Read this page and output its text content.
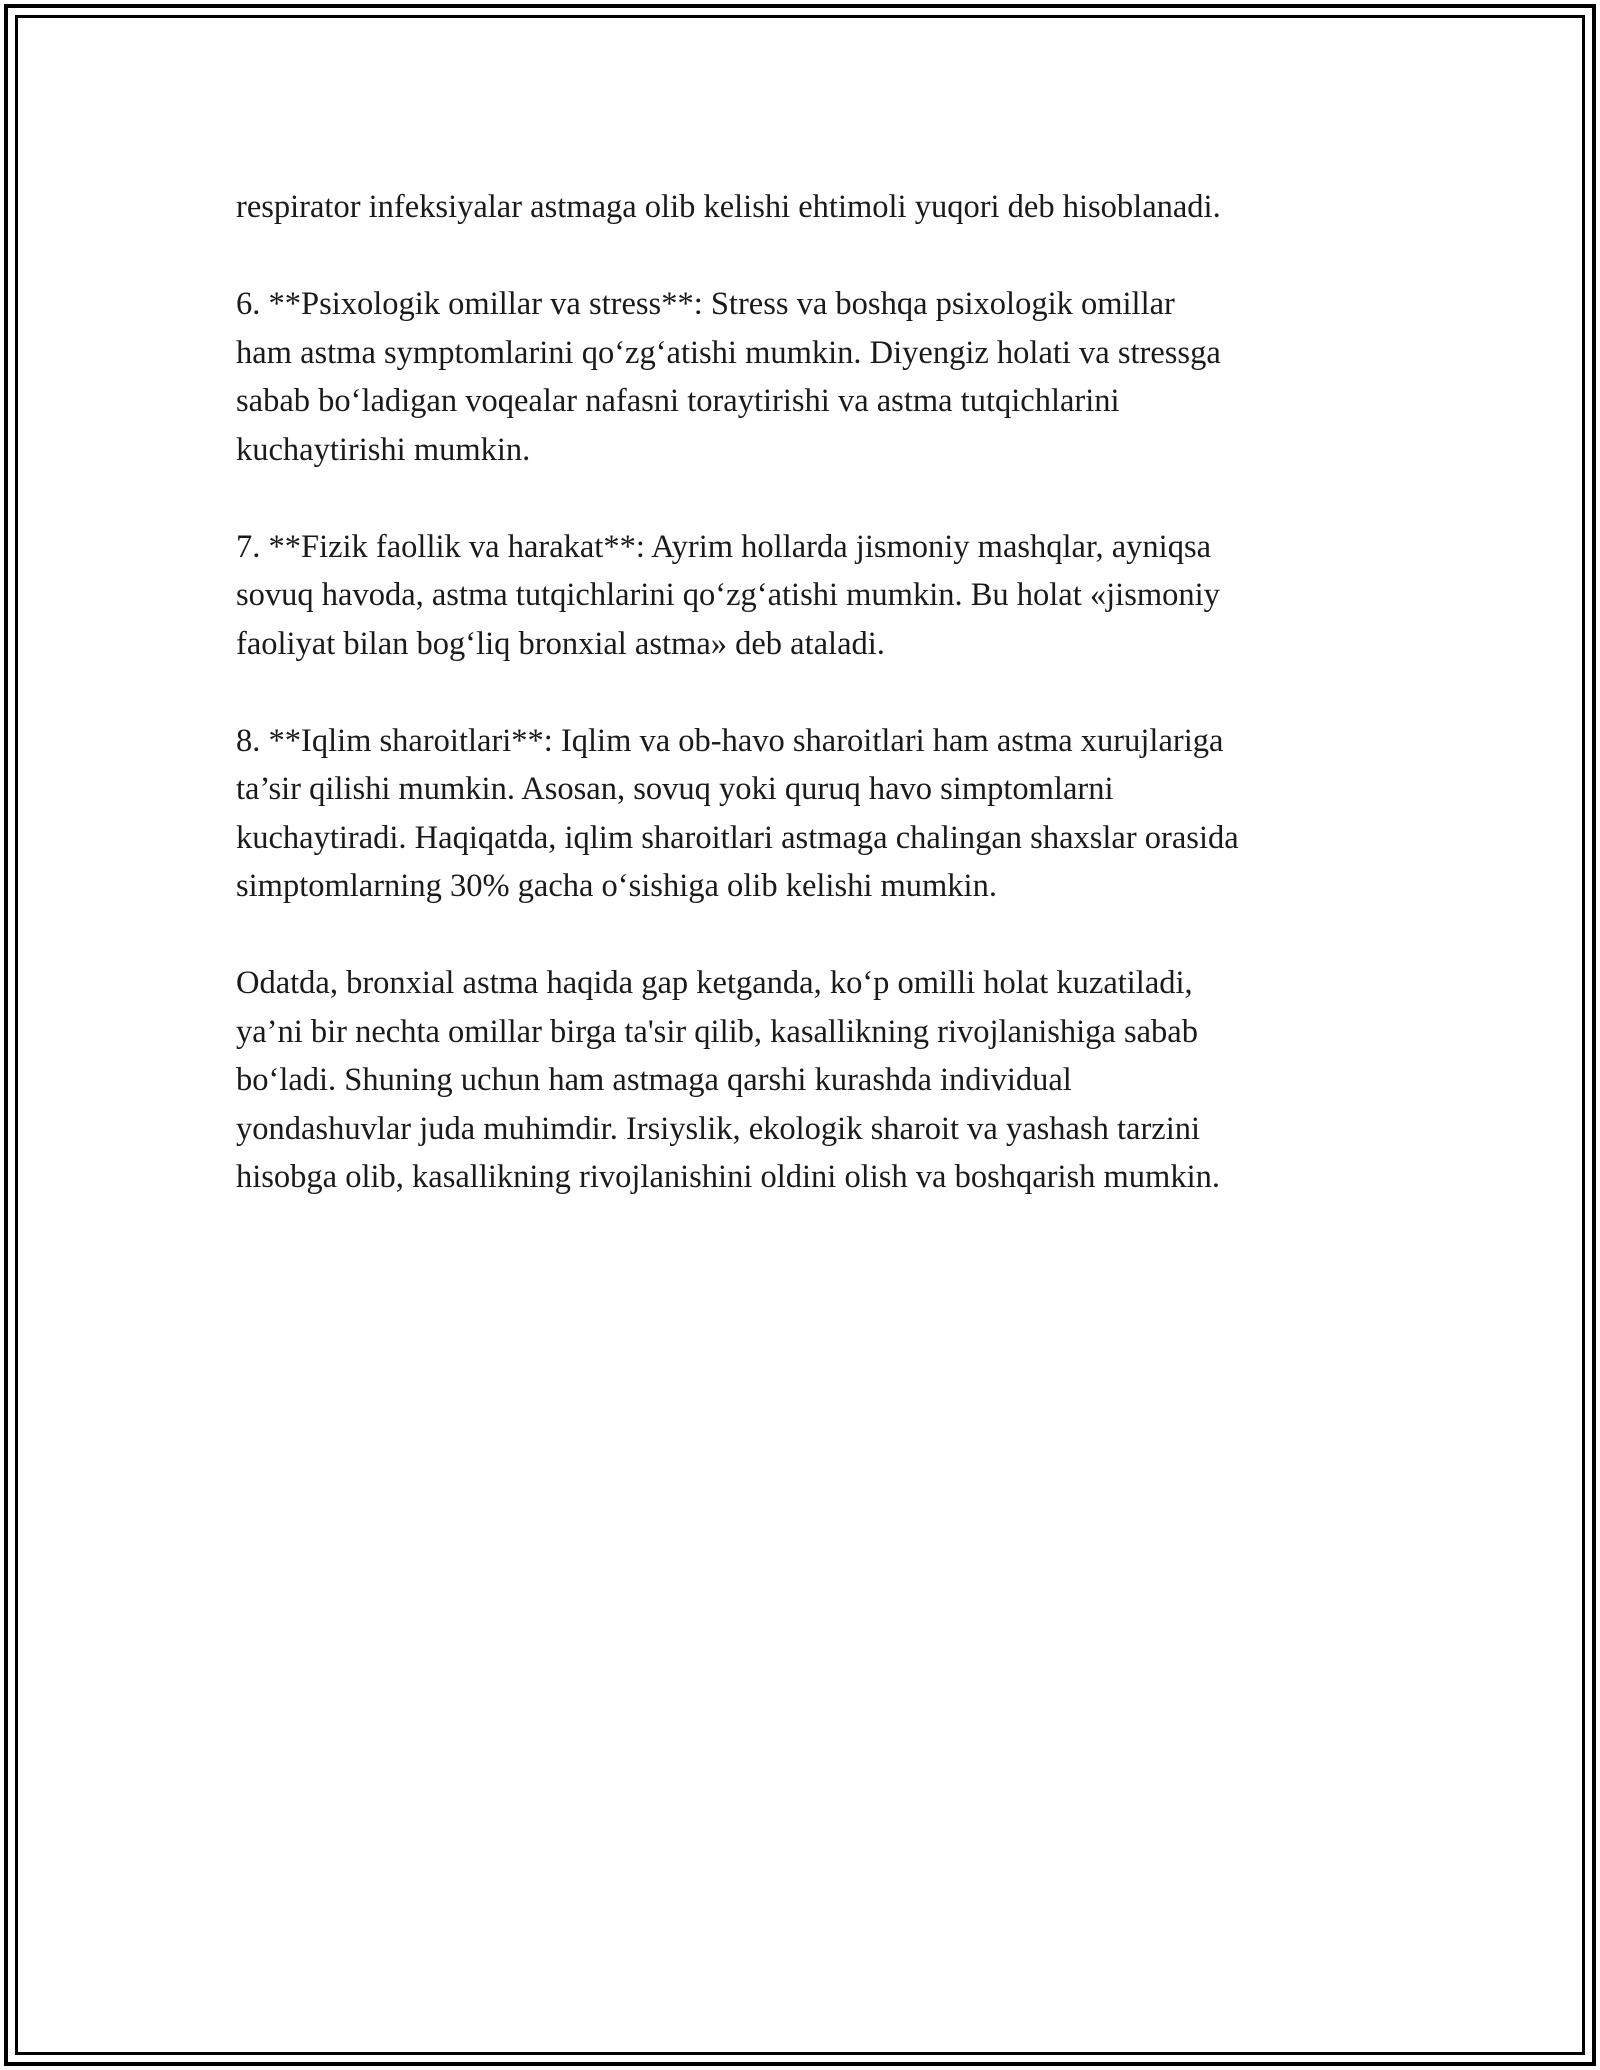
respirator infeksiyalar astmaga olib kelishi ehtimoli yuqori deb hisoblanadi.

6. **Psixologik omillar va stress**: Stress va boshqa psixologik omillar
ham astma symptomlarini qo‘zg‘atishi mumkin. Diyengiz holati va stressga
sabab bo‘ladigan voqealar nafasni toraytirishi va astma tutqichlarini
kuchaytirishi mumkin.

7. **Fizik faollik va harakat**: Ayrim hollarda jismoniy mashqlar, ayniqsa
sovuq havoda, astma tutqichlarini qo‘zg‘atishi mumkin. Bu holat «jismoniy
faoliyat bilan bog‘liq bronxial astma» deb ataladi.

8. **Iqlim sharoitlari**: Iqlim va ob-havo sharoitlari ham astma xurujlariga
ta’sir qilishi mumkin. Asosan, sovuq yoki quruq havo simptomlarni
kuchaytiradi. Haqiqatda, iqlim sharoitlari astmaga chalingan shaxslar orasida
simptomlarning 30% gacha o‘sishiga olib kelishi mumkin.

Odatda, bronxial astma haqida gap ketganda, ko‘p omilli holat kuzatiladi,
ya’ni bir nechta omillar birga ta'sir qilib, kasallikning rivojlanishiga sabab
bo‘ladi. Shuning uchun ham astmaga qarshi kurashda individual
yondashuvlar juda muhimdir. Irsiyslik, ekologik sharoit va yashash tarzini
hisobga olib, kasallikning rivojlanishini oldini olish va boshqarish mumkin.
